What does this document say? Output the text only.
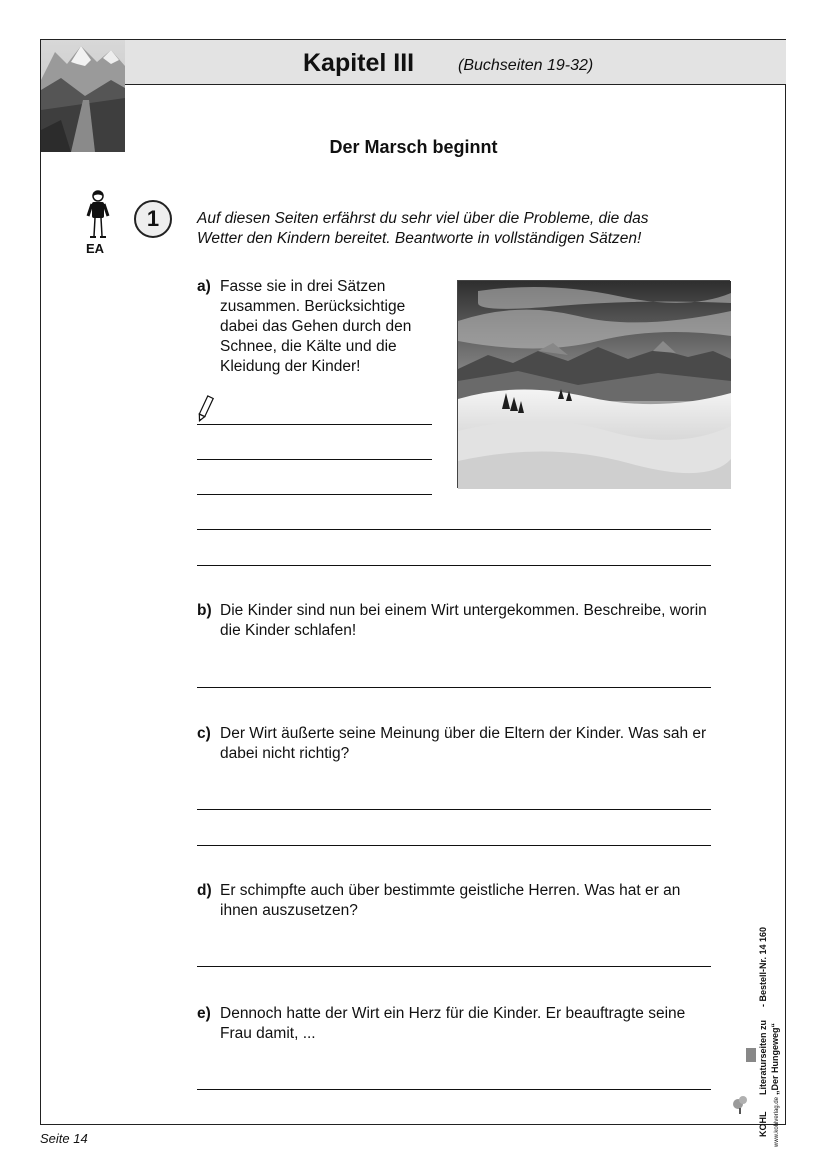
Kapitel III	(Buchseiten 19-32)
Der Marsch beginnt
EA
1	Auf diesen Seiten erfährst du sehr viel über die Probleme, die das Wetter den Kindern bereitet. Beantworte in vollständigen Sätzen!
a) Fasse sie in drei Sätzen zusammen. Berücksichtige dabei das Gehen durch den Schnee, die Kälte und die Kleidung der Kinder!
b) Die Kinder sind nun bei einem Wirt untergekommen. Beschreibe, worin die Kinder schlafen!
c) Der Wirt äußerte seine Meinung über die Eltern der Kinder. Was sah er dabei nicht richtig?
d) Er schimpfte auch über bestimmte geistliche Herren. Was hat er an ihnen auszusetzen?
e) Dennoch hatte der Wirt ein Herz für die Kinder. Er beauftragte seine Frau damit, ...	Literaturseiten zu
- Bestell-Nr. 14 160
„Der Hungeweg“
www.kohlverlag.de
KOHL
Seite 14
